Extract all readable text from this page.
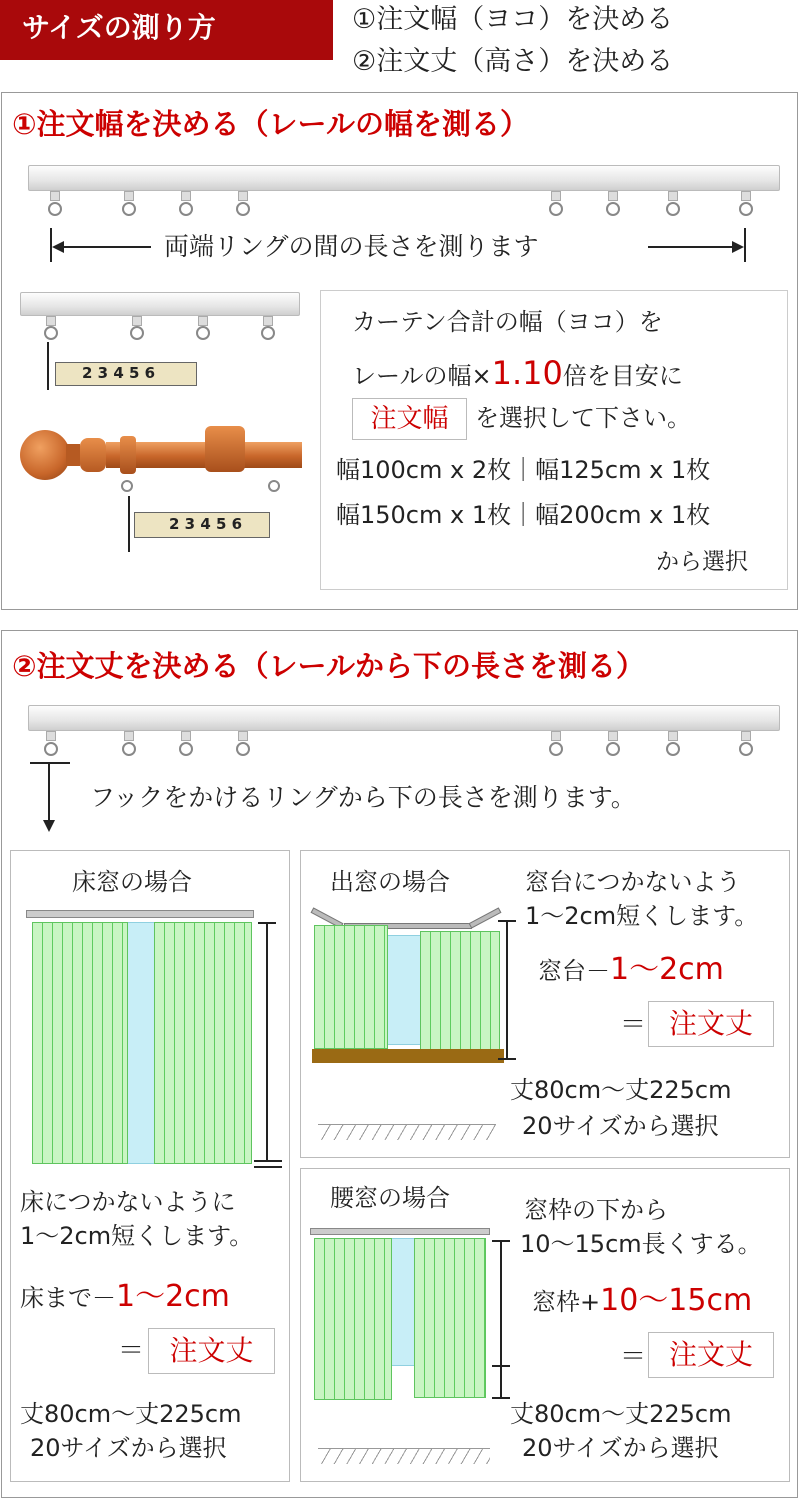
サイズの測り方	①注文幅（ヨコ）を決める
②注文丈（高さ）を決める
①注文幅を決める（レールの幅を測る）
両端リングの間の長さを測ります
2 3 4 5 6
2 3 4 5 6
カーテン合計の幅（ヨコ）を
レールの幅×1.10倍を目安に
注文幅	を選択して下さい。
幅100cm x 2枚｜幅125cm x 1枚
幅150cm x 1枚｜幅200cm x 1枚
から選択
②注文丈を決める（レールから下の長さを測る）
フックをかけるリングから下の長さを測ります。
床窓の場合
床につかないように
1～2cm短くします。
床まで－1～2cm
＝ 注文丈
丈80cm～丈225cm
20サイズから選択
出窓の場合	窓台につかないよう
1～2cm短くします。
窓台－1～2cm
＝ 注文丈
丈80cm～丈225cm
20サイズから選択
腰窓の場合	窓枠の下から
10～15cm長くする。
窓枠+10～15cm
＝ 注文丈
丈80cm～丈225cm
20サイズから選択
